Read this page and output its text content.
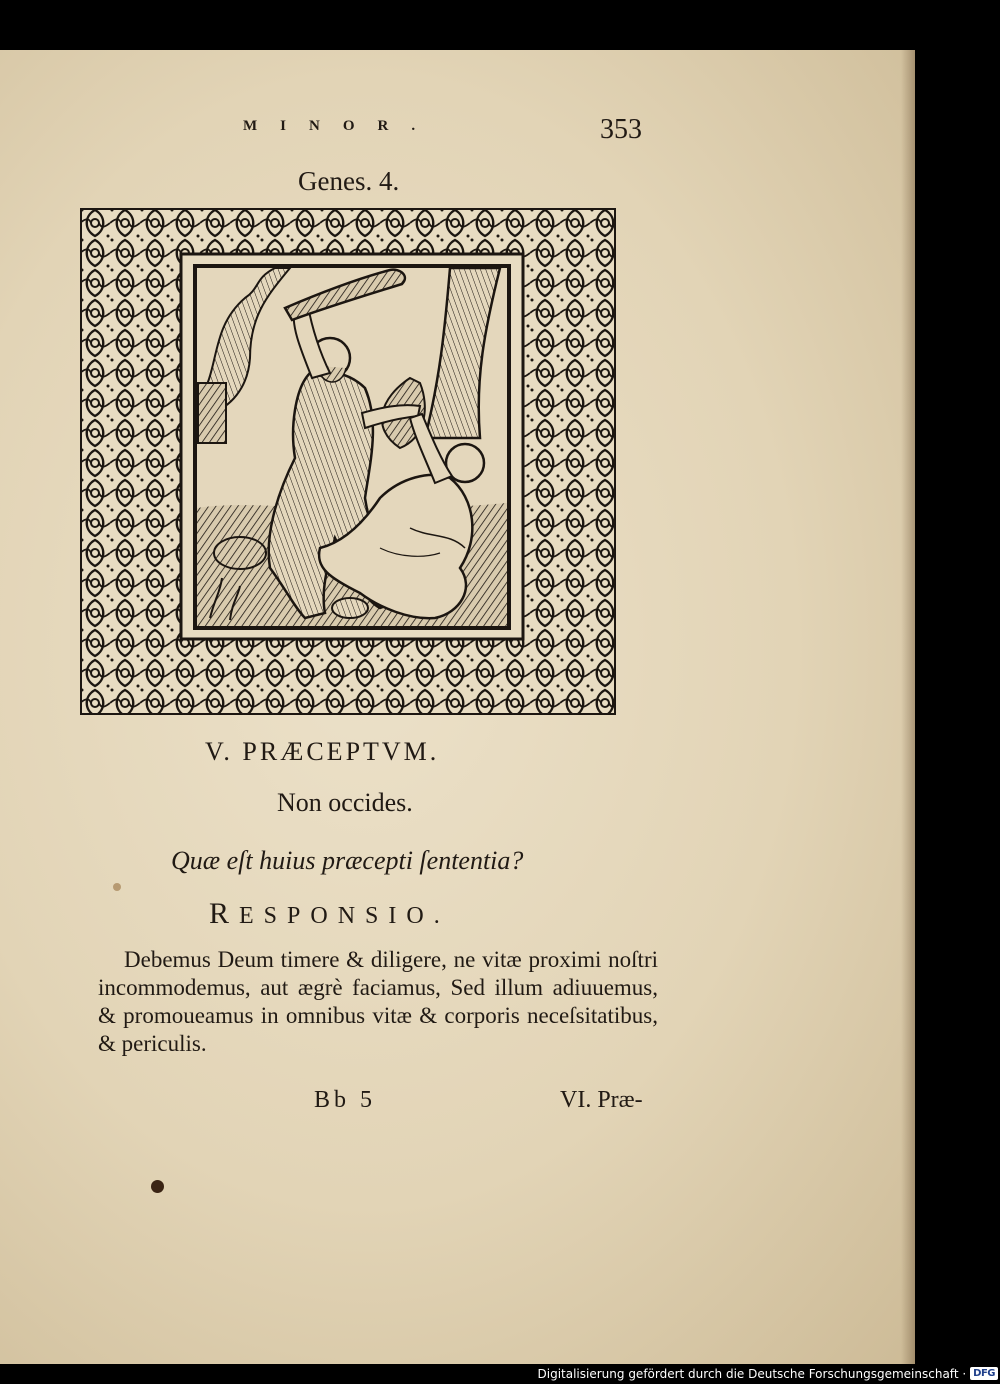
MINOR.	353
Genes. 4.
V. PRÆCEPTVM.
Non occides.
Quæ eſt huius præcepti ſententia?
RESPONSIO.

Debemus Deum timere & diligere, ne vitæ proximi noſtri incommodemus, aut ægrè faciamus, Sed illum adiuuemus, & promoueamus in omnibus vitæ & corporis neceſsitatibus, & periculis.

Bb 5	VI. Præ-
Digitalisierung gefördert durch die Deutsche Forschungsgemeinschaft · DFG
